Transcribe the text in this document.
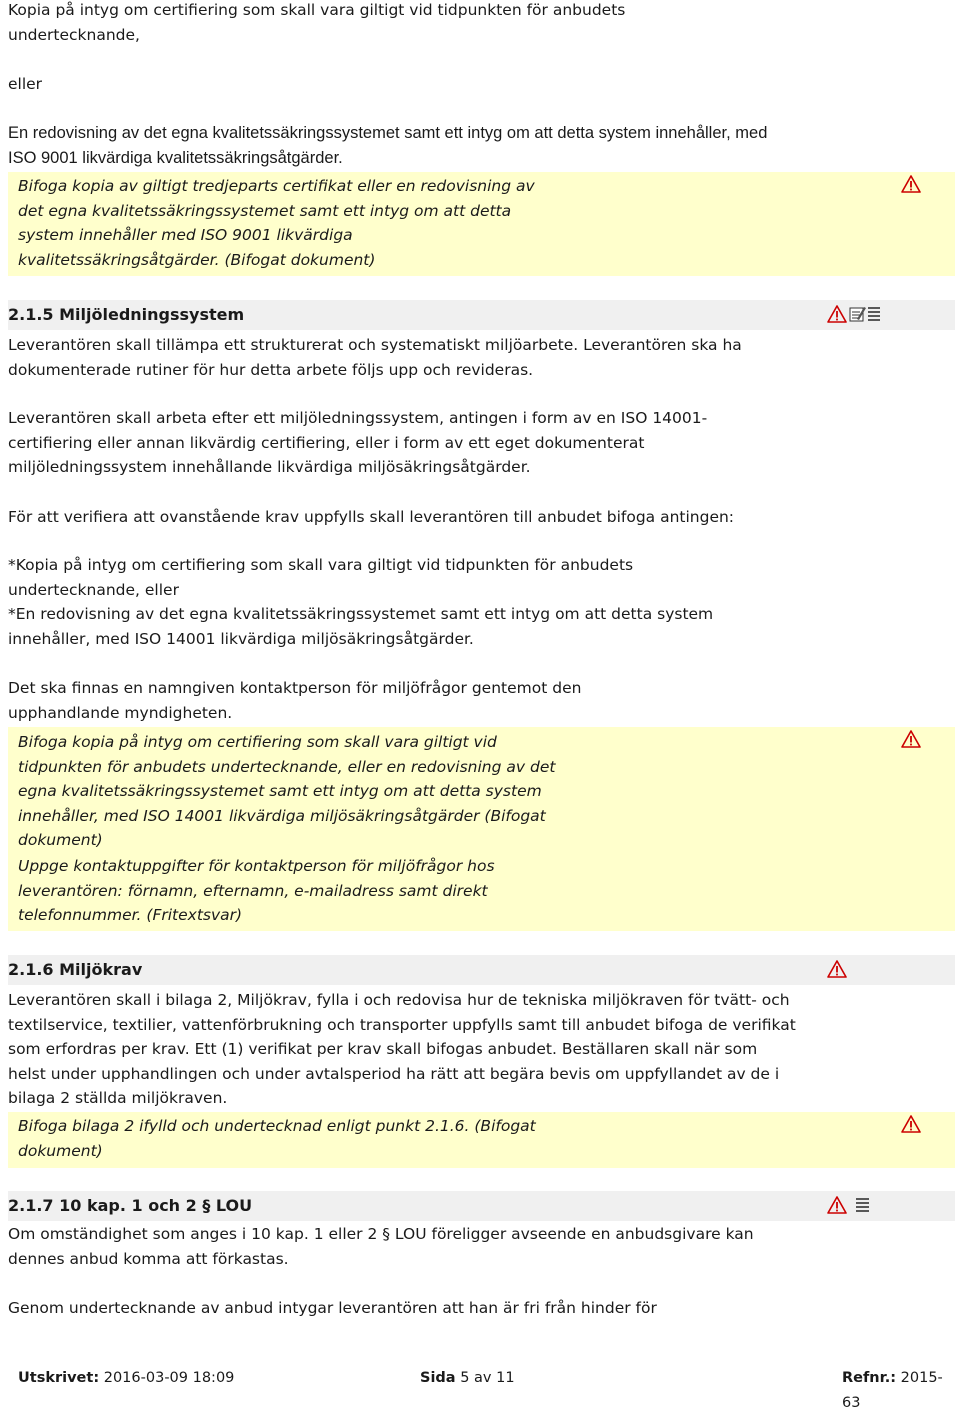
Kopia på intyg om certifiering som skall vara giltigt vid tidpunkten för anbudets undertecknande,

eller

En redovisning av det egna kvalitetssäkringssystemet samt ett intyg om att detta system innehåller, med ISO 9001 likvärdiga kvalitetssäkringsåtgärder.

Bifoga kopia av giltigt tredjeparts certifikat eller en redovisning av det egna kvalitetssäkringssystemet samt ett intyg om att detta system innehåller med ISO 9001 likvärdiga kvalitetssäkringsåtgärder. (Bifogat dokument)

2.1.5 Miljöledningssystem

Leverantören skall tillämpa ett strukturerat och systematiskt miljöarbete. Leverantören ska ha dokumenterade rutiner för hur detta arbete följs upp och revideras.

Leverantören skall arbeta efter ett miljöledningssystem, antingen i form av en ISO 14001-certifiering eller annan likvärdig certifiering, eller i form av ett eget dokumenterat miljöledningssystem innehållande likvärdiga miljösäkringsåtgärder.

För att verifiera att ovanstående krav uppfylls skall leverantören till anbudet bifoga antingen:

*Kopia på intyg om certifiering som skall vara giltigt vid tidpunkten för anbudets undertecknande, eller

*En redovisning av det egna kvalitetssäkringssystemet samt ett intyg om att detta system innehåller, med ISO 14001 likvärdiga miljösäkringsåtgärder.

Det ska finnas en namngiven kontaktperson för miljöfrågor gentemot den upphandlande myndigheten.

Bifoga kopia på intyg om certifiering som skall vara giltigt vid tidpunkten för anbudets undertecknande, eller en redovisning av det egna kvalitetssäkringssystemet samt ett intyg om att detta system innehåller, med ISO 14001 likvärdiga miljösäkringsåtgärder (Bifogat dokument)

Uppge kontaktuppgifter för kontaktperson för miljöfrågor hos leverantören: förnamn, efternamn, e-mailadress samt direkt telefonnummer. (Fritextsvar)

2.1.6 Miljökrav

Leverantören skall i bilaga 2, Miljökrav, fylla i och redovisa hur de tekniska miljökraven för tvätt- och textilservice, textilier, vattenförbrukning och transporter uppfylls samt till anbudet bifoga de verifikat som erfordras per krav. Ett (1) verifikat per krav skall bifogas anbudet. Beställaren skall när som helst under upphandlingen och under avtalsperiod ha rätt att begära bevis om uppfyllandet av de i bilaga 2 ställda miljökraven.

Bifoga bilaga 2 ifylld och undertecknad enligt punkt 2.1.6. (Bifogat dokument)

2.1.7 10 kap. 1 och 2 § LOU

Om omständighet som anges i 10 kap. 1 eller 2 § LOU föreligger avseende en anbudsgivare kan dennes anbud komma att förkastas.

Genom undertecknande av anbud intygar leverantören att han är fri från hinder för

Utskrivet: 2016-03-09 18:09	Sida 5 av 11	Refnr.: 2015-63
